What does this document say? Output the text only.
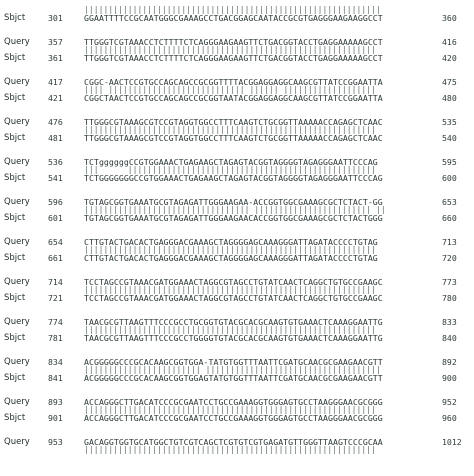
|||||||||||||||||||||||||||||||||||||||||||||||||||||||||||||
Sbjct	301	GGAATTTTCCGCAATGGGCGAAAGCCTGACGGAGCAATACCGCGTGAGGGAAGAAGGCCT	360
Query	357	TTGGGTCGTAAACCTCTTTTCTCAGGGAAGAAGTTCTGACGGTACCTGAGGAAAAAGCCT	416
||||||||||||||||||||||||||||||||||||||||||||||||||||||||||||
Sbjct	361	TTGGGTCGTAAACCTCTTTTCTCAGGGAAGAAGTTCTGACGGTACCTGAGGAAAAAGCCT	420
Query	417	CGGC-AACTCCGTGCCAGCAGCCGCGGTTTTACGGAGGAGGCAAGCGTTATCCGGAATTA	475
|||| |||||||||||||||||||||||||||| |||||| |||||||||||||||||||
Sbjct	421	CGGCTAACTCCGTGCCAGCAGCCGCGGTAATACGGAGGAGGCAAGCGTTATCCGGAATTA	480
Query	476	TTGGGCGTAAAGCGTCCGTAGGTGGCCTTTCAAGTCTGCGGTTAAAAACCAGAGCTCAAC	535
||||||||||||||||||||||||||||||||||||||||||||||||||||||||||||
Sbjct	481	TTGGGCGTAAAGCGTCCGTAGGTGGCCTTTCAAGTCTGCGGTTAAAAACCAGAGCTCAAC	540
Query	536	TCTggggggCCGTGGAAACTGAGAAGCTAGAGTACGGTAGGGGTAGAGGGAATTCCCAG	595
|||      |||||||||||||||||||||||||||||||||||||||||||||||||||
Sbjct	541	TCTGGGGGGGCCGTGGAAACTGAGAAGCTAGAGTACGGTAGGGGTAGAGGGAATTCCCAG	600
Query	596	TGTAGCGGTGAAATGCGTAGAGATTGGGAAGAA-ACCGGTGGCGAAAGCGCTCTACT-GG	653
|||||||||||||||||||||||||||||||||| |||||||||||||||||||||||| ||
Sbjct	601	TGTAGCGGTGAAATGCGTAGAGATTGGGAAGAACACCGGTGGCGAAAGCGCTCTACTGGG	660
Query	654	CTTGTACTGACACTGAGGGACGAAAGCTAGGGGAGCAAAGGGATTAGATACCCCTGTAG	713
||||||||||||||||||||||||||||||||||||||||||||||||||||||||||||
Sbjct	661	CTTGTACTGACACTGAGGGACGAAAGCTAGGGGAGCAAAGGGATTAGATACCCCTGTAG	720
Query	714	TCCTAGCCGTAAACGATGGAAACTAGGCGTAGCCTGTATCAACTCAGGCTGTGCCGAAGC	773
||||||||||||||||||||||||||||||||||||||||||||||||||||||||||||
Sbjct	721	TCCTAGCCGTAAACGATGGAAACTAGGCGTAGCCTGTATCAACTCAGGCTGTGCCGAAGC	780
Query	774	TAACGCGTTAAGTTTCCCGCCTGCGGTGTACGCACGCAAGTGTGAAACTCAAAGGAATTG	833
||||||||||||||||||||||||||||||||||||||||||||||||||||||||||||
Sbjct	781	TAACGCGTTAAGTTTCCCGCCTGGGGTGTACGCACGCAAGTGTGAAACTCAAAGGAATTG	840
Query	834	ACGGGGGCCCGCACAAGCGGTGGA-TATGTGGTTTAATTCGATGCAACGCGAAGAACGTT	892
|||||||||||||||||||||||| ||||||||||||||||||||||||||||||||||||
Sbjct	841	ACGGGGGCCCGCACAAGCGGTGGAGTATGTGGTTTAATTCGATGCAACGCGAAGAACGTT	900
Query	893	ACCAGGGCTTGACATCCCGCGAATCCTGCCGAAAGGTGGGAGTGCCTAAGGGAACGCGGG	952
||||||||||||||||||||||||||||||||||||||||||||||||||||||||||||
Sbjct	901	ACCAGGGCTTGACATCCCGCGAATCCTGCCGAAAGGTGGGAGTGCCTAAGGGAACGCGGG	960
Query	953	GACAGGTGGTGCATGGCTGTCGTCAGCTCGTGTCGTGAGATGTTGGGTTAAGTCCCGCAA	1012
||||||||||||||||||||||||||||||||||||||||||||||||||||||||||||
